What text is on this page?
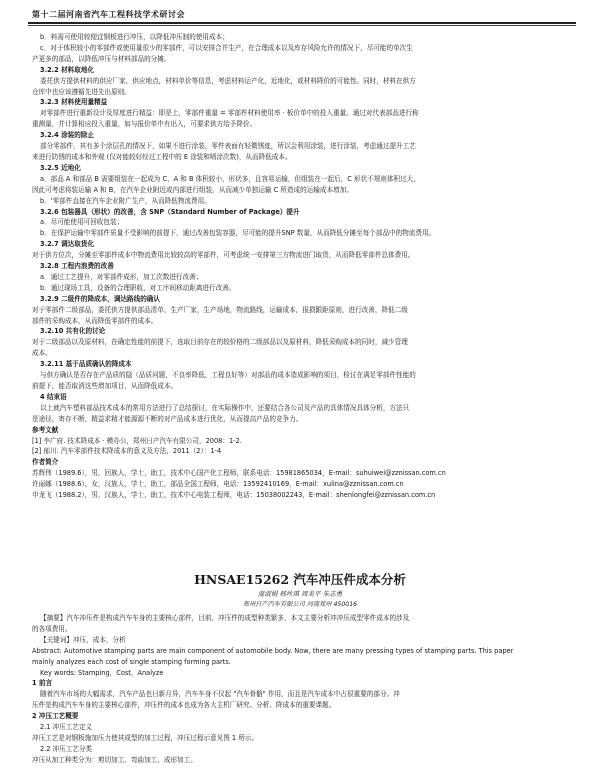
第十二届河南省汽车工程科技学术研讨会

b．料需可使用较便宜钢板进行冲压，以降低冲压制的使用成本；

c．对于体积较小的零部件或使用量很少的零部件，可以安排合并生产，在合理成本以及库存风险允许的情况下，尽可能的单次生

产更多的部品，以降低冲压与材料部品的分摊。

3.2.2 材料取地化

委托供方提供材料的供应厂家，供应地点，材料单价等信息，考虑材料运产化，近地化，或材料降价的可能性。同时，材料在供方

仓库中也应该遵循先进先出原则。

3.2.3 材料使用量精益

对零部件进行重新设计及厚度进行精益：即是上，零部件重量 = 零部件材料使用率 · 板价单中的投入重量。通过对代表部品进行称

重测量，并计算相应投入重量，如与报价单中有出入，可要求供方给予降价。

3.2.4 涂装的除止

部分零部件，其有多个涂层孔的情况下，如果不进行涂装，零件表面有轻微锈迹，所以会利用涂装，进行涂装，考虑通过提升工艺

来进行防锈的成本和外观 (仅对能较好经过工程中的 E 涂装和喷涂次数)，从而降低成本。

3.2.5 近地化

a．部品 A 和部品 B 需要组装在一起成为 C，A 和 B 体积较小，形状多，且容易运输，但组装在一起后，C 形状不规则体积过大，

因此可考虑将装运输 A 和 B，在汽车企业附近或内部进行组装，从而减少单独运输 C 所造成的运输成本增加。

b．'零部件直接在汽车企业附广生产，从而降低物流费用。

3.2.6 包装器具（形状）的改善，含 SNP（Standard Number of Package）提升

a．尽可能使用可回收包装；

b．在保护运输中零部件质量不受影响的前提下，通过改善包装容器，尽可能的提升SNP 数量，从而降低分摊至每个部品中的物流费用。

3.2.7 调达取货化

对于供方位次，分摊至零部件成本中物流费用比较较高的零部件，可考虑统一安排第三方物流进门取货，从而降低零部件总体费用。

3.2.8 工程内浪费的改善

a．通过工艺提升，对零部件成形，加工次数进行改善；

b．通过现场工具，设备的合理职收，对工序间移动距离进行改善。

3.2.9 二级件的降成本，调达路线的确认

对于零部件二级部品，委托供方提供部品清单，生产厂家，生产场地，物流路线，运输成本，报损跟距原则，进行改善，降低二级

部件的采购成本，从而降低零部件的成本。

3.2.10 共有化的讨论

对于二级部品以及原材料，在确定性能的前提下，选取目前存在的较价格的二级部品以及原材料，降低采购成本的同时，减少管理

成本。

3.2.11 基于品质确认的降成本

与供方确认是否存在产品质的隐（品质问题，不良率降低，工程良好等）对部品的成本造成影响的项目，检讨在满足零部件性能的

前提下，能否取消这些增加项目，从而降低成本。

4 结束语

以上就汽车塑料部品技术成本的常用方法进行了总结探讨，在实际操作中，还要结合各公司及产品的具体情况具体分析，方法只

是途径，寄存不断，精益求精才能源源不断的对产品成本进行优化，从而提高产品的竞争力。

参考文献

[1] 李广府. 技术降成本 · 模办公，郑州日产汽车有限公司，2008：1-2.

[2] 郁川. 汽车零部件技术降成本的意义及方法，2011（2）：1-4

作者简介

苏辉伟（1989.6），男，回族人，学士，助工，技术中心国产化工程师，联系电话：15981865034，E-mail：suhuiwei@zznissan.com.cn

许丽娜（1988.6），女，汉族人，学士，助工，部品全国工程师，电话：13592410169，E-mail：xulina@zznissan.com.cn

申龙飞（1988.2），男，汉族人，学士，助工，技术中心电装工程师，电话：15038002243，E-mail：shenlongfei@zznissan.com.cn

HNSAE15262 汽车冲压件成本分析
庞淑娟 韩丝琪 周美平 朱志勇
郑州日产汽车有限公司 河南郑州 450016

【摘要】汽车冲压件是构成汽车车身的主要核心部件，目前，冲压件的成型种类繁多，本文主要分析冲冲压成型零件成本的涉及

的各项费用。

【关键词】冲压，成本，分析

Abstract: Automotive stamping parts are main component of automobile body. Now, there are many pressing types of stamping parts. This paper

mainly analyzes each cost of single stamping forming parts.

Key words: Stamping，Cost，Analyze

1 前言

随着汽车市场的大幅需求，汽车产品也日新月异，汽车车身不仅起 "汽车骨骼" 作用，而且是汽车成本中占很重要的部分。冲

压件是构成汽车车身的主要核心部件，冲压件的成本也成为各大主机厂研究、分析、降成本的重要课题。

2 冲压工艺概要

2.1 冲压工艺定义

冲压工艺是对钢板施加压力使其成型的加工过程，冲压过程示意见图 1 所示。

2.2 冲压工艺分类

冲压从加工种类分为：剪切加工、弯曲加工、成形加工。
